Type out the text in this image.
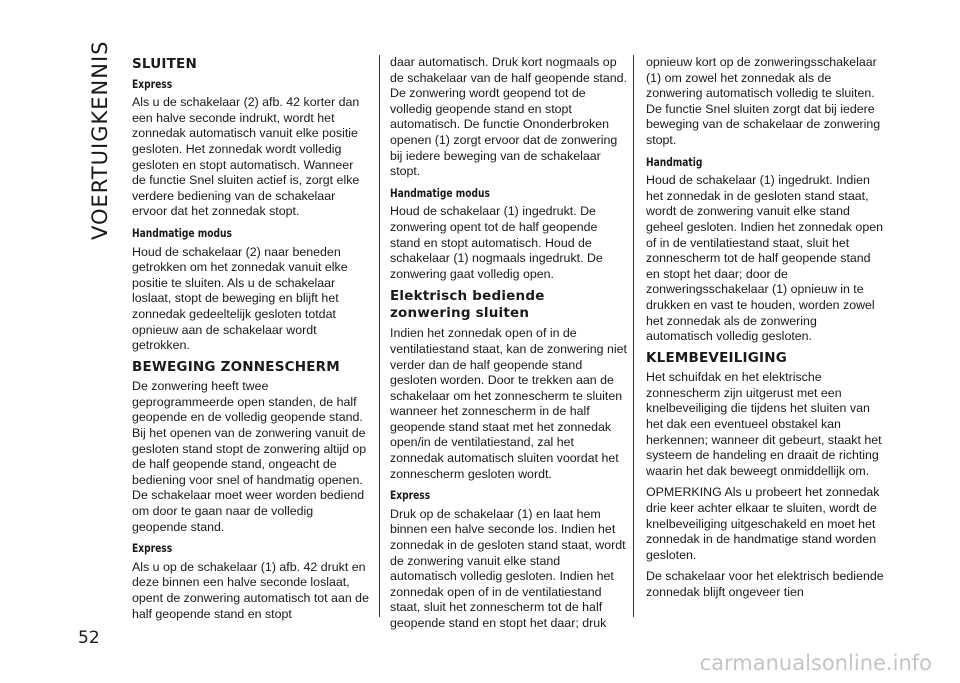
VOERTUIGKENNIS SLUITEN
Express

Als u de schakelaar (2) afb. 42 korter dan een halve seconde indrukt, wordt het zonnedak automatisch vanuit elke positie gesloten. Het zonnedak wordt volledig gesloten en stopt automatisch. Wanneer de functie Snel sluiten actief is, zorgt elke verdere bediening van de schakelaar ervoor dat het zonnedak stopt.

Handmatige modus

Houd de schakelaar (2) naar beneden getrokken om het zonnedak vanuit elke positie te sluiten. Als u de schakelaar loslaat, stopt de beweging en blijft het zonnedak gedeeltelijk gesloten totdat opnieuw aan de schakelaar wordt getrokken.

BEWEGING ZONNESCHERM

De zonwering heeft twee geprogrammeerde open standen, de half geopende en de volledig geopende stand. Bij het openen van de zonwering vanuit de gesloten stand stopt de zonwering altijd op de half geopende stand, ongeacht de bediening voor snel of handmatig openen. De schakelaar moet weer worden bediend om door te gaan naar de volledig geopende stand.

Express

Als u op de schakelaar (1) afb. 42 drukt en deze binnen een halve seconde loslaat, opent de zonwering automatisch tot aan de half geopende stand en stopt

daar automatisch. Druk kort nogmaals op de schakelaar van de half geopende stand. De zonwering wordt geopend tot de volledig geopende stand en stopt automatisch. De functie Ononderbroken openen (1) zorgt ervoor dat de zonwering bij iedere beweging van de schakelaar stopt.

Handmatige modus

Houd de schakelaar (1) ingedrukt. De zonwering opent tot de half geopende stand en stopt automatisch. Houd de schakelaar (1) nogmaals ingedrukt. De zonwering gaat volledig open.

Elektrisch bediende zonwering sluiten

Indien het zonnedak open of in de ventilatiestand staat, kan de zonwering niet verder dan de half geopende stand gesloten worden. Door te trekken aan de schakelaar om het zonnescherm te sluiten wanneer het zonnescherm in de half geopende stand staat met het zonnedak open/in de ventilatiestand, zal het zonnedak automatisch sluiten voordat het zonnescherm gesloten wordt.

Express

Druk op de schakelaar (1) en laat hem binnen een halve seconde los. Indien het zonnedak in de gesloten stand staat, wordt de zonwering vanuit elke stand automatisch volledig gesloten. Indien het zonnedak open of in de ventilatiestand staat, sluit het zonnescherm tot de half geopende stand en stopt het daar; druk

opnieuw kort op de zonweringsschakelaar (1) om zowel het zonnedak als de zonwering automatisch volledig te sluiten. De functie Snel sluiten zorgt dat bij iedere beweging van de schakelaar de zonwering stopt.

Handmatig

Houd de schakelaar (1) ingedrukt. Indien het zonnedak in de gesloten stand staat, wordt de zonwering vanuit elke stand geheel gesloten. Indien het zonnedak open of in de ventilatiestand staat, sluit het zonnescherm tot de half geopende stand en stopt het daar; door de zonweringsschakelaar (1) opnieuw in te drukken en vast te houden, worden zowel het zonnedak als de zonwering automatisch volledig gesloten.

KLEMBEVEILIGING

Het schuifdak en het elektrische zonnescherm zijn uitgerust met een knelbeveiliging die tijdens het sluiten van het dak een eventueel obstakel kan herkennen; wanneer dit gebeurt, staakt het systeem de handeling en draait de richting waarin het dak beweegt onmiddellijk om.

OPMERKING Als u probeert het zonnedak drie keer achter elkaar te sluiten, wordt de knelbeveiliging uitgeschakeld en moet het zonnedak in de handmatige stand worden gesloten.

De schakelaar voor het elektrisch bediende zonnedak blijft ongeveer tien

52
carmanualsonline.info
